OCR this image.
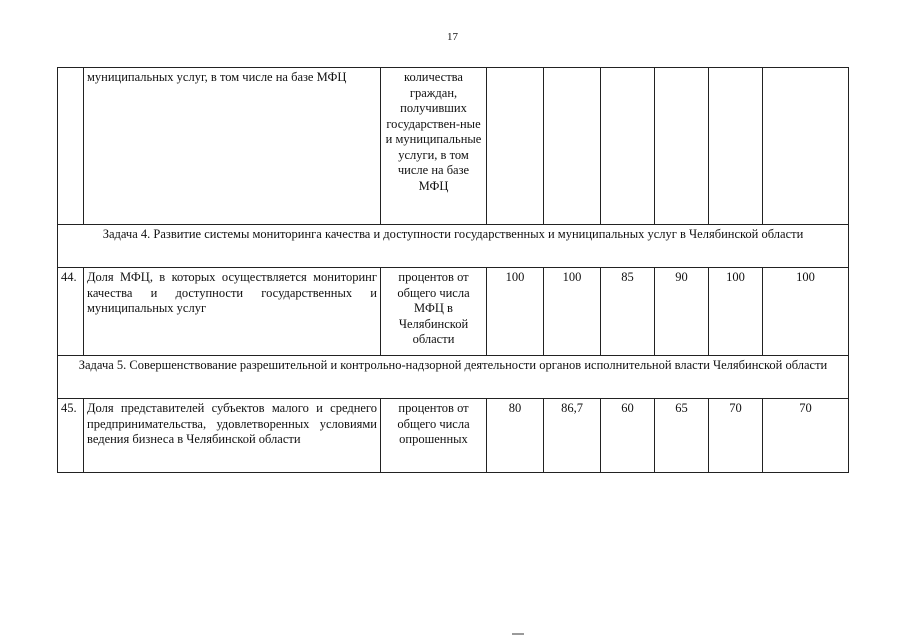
17
	муниципальных услуг, в том числе на базе МФЦ	количества граждан, получивших государствен-ные и муниципальные услуги, в том числе на базе МФЦ						
Задача 4. Развитие системы мониторинга качества и доступности государственных и муниципальных услуг в Челябинской области								
44.	Доля МФЦ, в которых осуществляется мониторинг качества и доступности государственных и муниципальных услуг	процентов от общего числа МФЦ в Челябинской области	100	100	85	90	100	100
Задача 5. Совершенствование разрешительной и контрольно-надзорной деятельности органов исполнительной власти Челябинской области								
45.	Доля представителей субъектов малого и среднего предпринимательства, удовлетворенных условиями ведения бизнеса в Челябинской области	процентов от общего числа опрошенных	80	86,7	60	65	70	70
